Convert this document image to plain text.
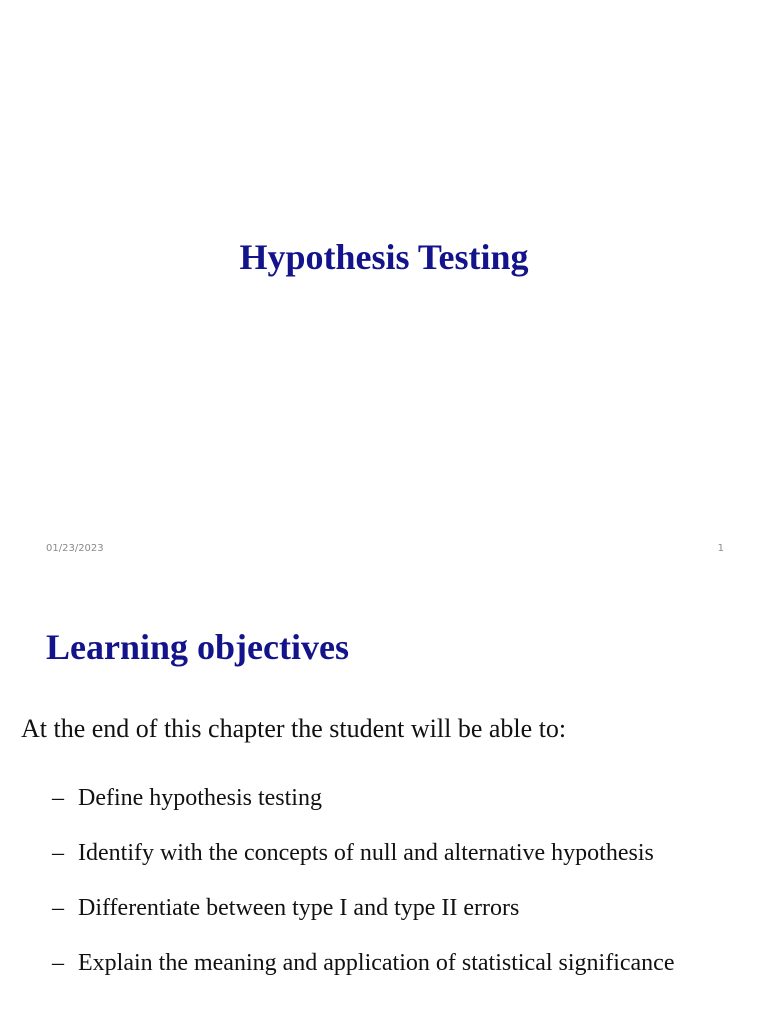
Hypothesis Testing
01/23/2023	1
Learning objectives

At the end of this chapter the student will be able to:

– Define hypothesis testing
– Identify with the concepts of null and alternative hypothesis
– Differentiate between type I and type II errors
– Explain the meaning and application of statistical significance
